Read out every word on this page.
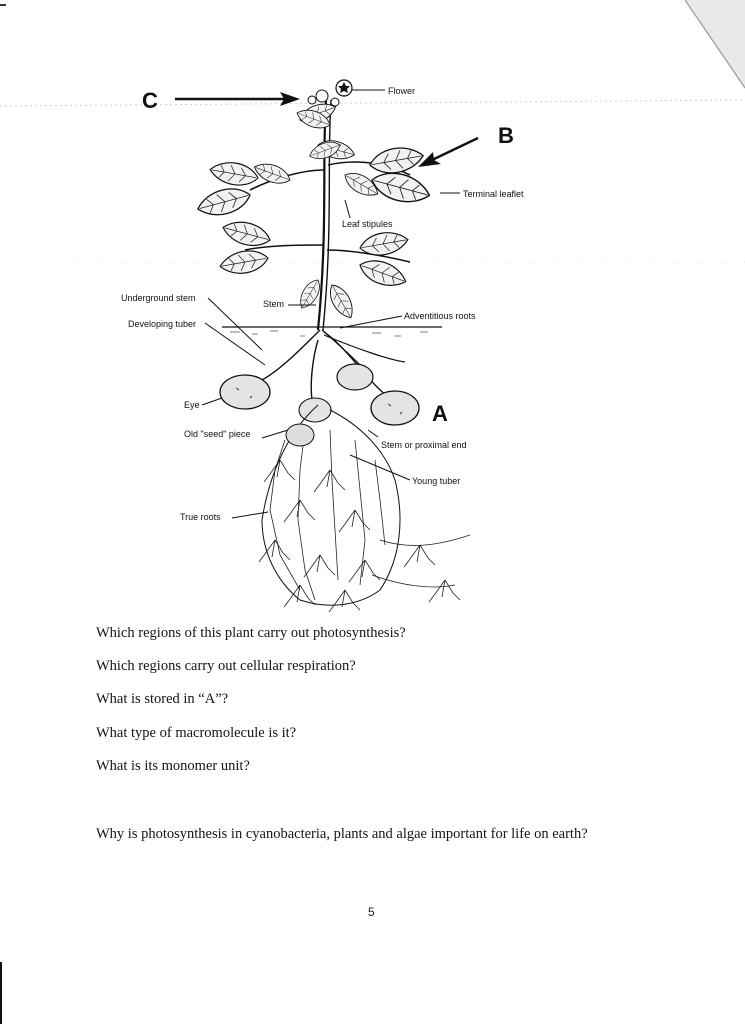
C
B
A
Flower
Terminal leaflet
Leaf stipules
Stem
Underground stem
Developing tuber
Adventitious roots
Eye
Old "seed" piece
Stem or proximal end
Young tuber
True roots

Which regions of this plant carry out photosynthesis?

Which regions carry out cellular respiration?

What is stored in “A”?

What type of macromolecule is it?

What is its monomer unit?

Why is photosynthesis in cyanobacteria, plants and algae important for life on earth?

5
